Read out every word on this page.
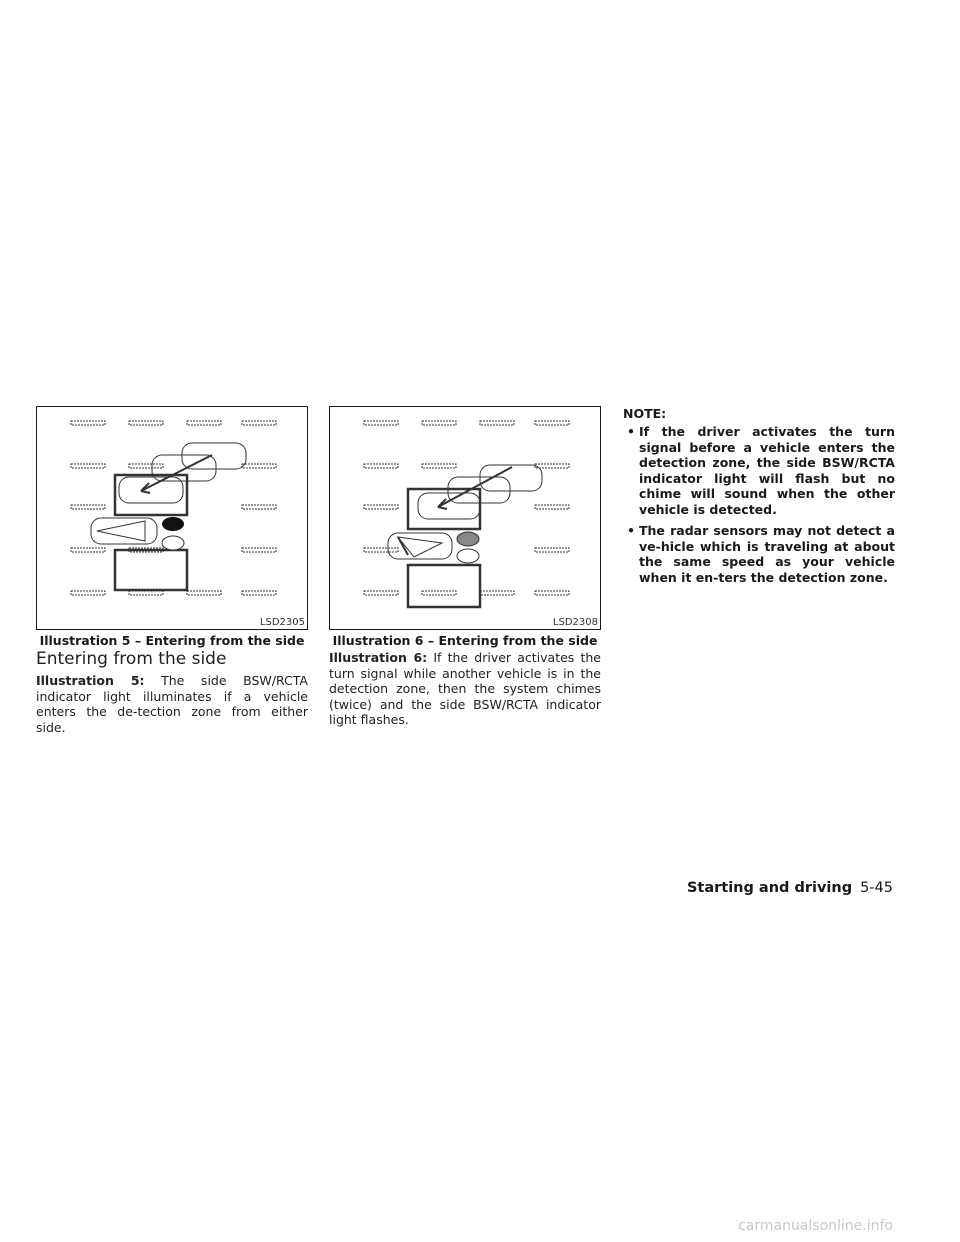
LSD2305
Illustration 5 – Entering from the side
LSD2308
Illustration 6 – Entering from the side
Entering from the side
Illustration 5: The side BSW/RCTA indicator light illuminates if a vehicle enters the de-tection zone from either side.
Illustration 6: If the driver activates the turn signal while another vehicle is in the detection zone, then the system chimes (twice) and the side BSW/RCTA indicator light flashes.
NOTE:
• If the driver activates the turn signal before a vehicle enters the detection zone, the side BSW/RCTA indicator light will flash but no chime will sound when the other vehicle is detected.
• The radar sensors may not detect a ve-hicle which is traveling at about the same speed as your vehicle when it en-ters the detection zone.
Starting and driving 5-45
carmanualsonline.info
